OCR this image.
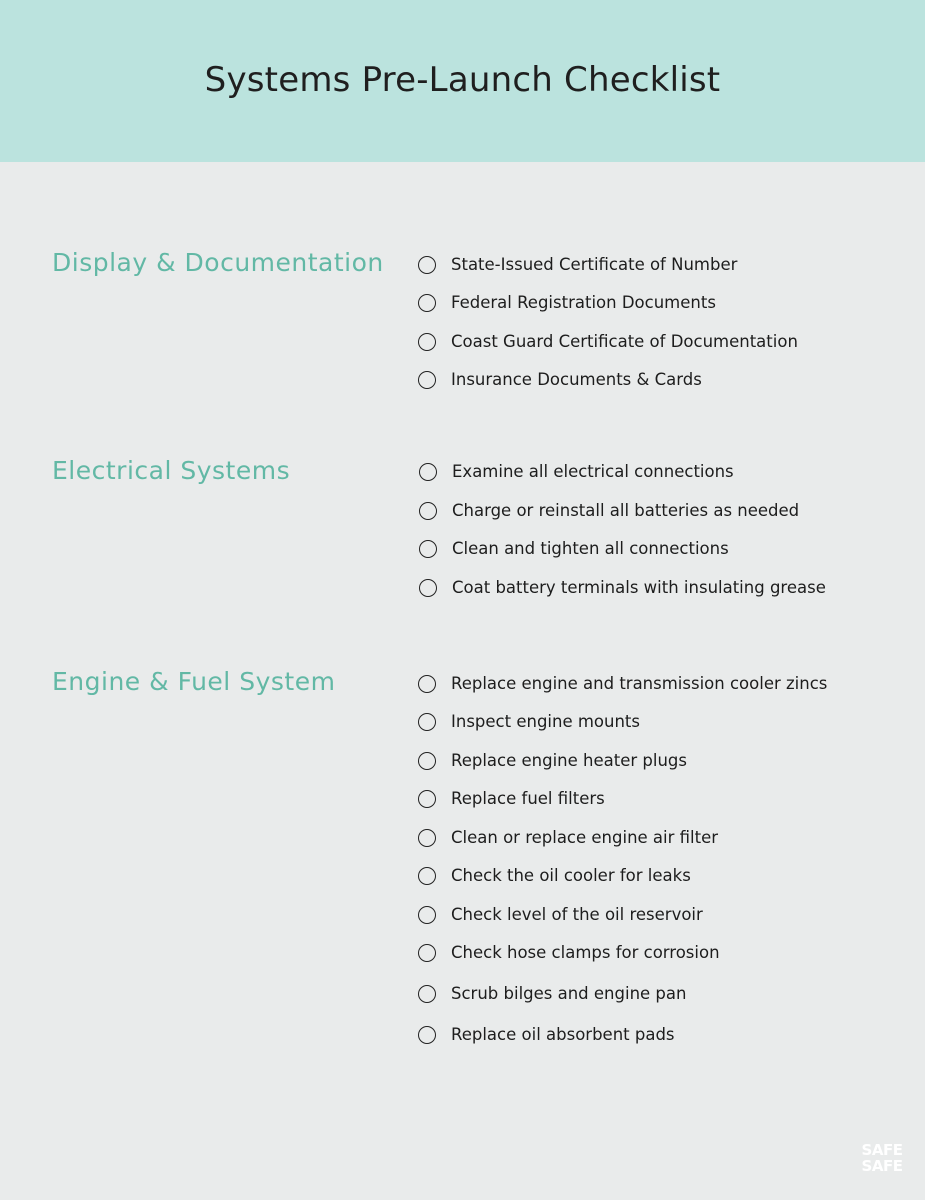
Systems Pre-Launch Checklist
Display & Documentation	State-Issued Certificate of Number
Federal Registration Documents
Coast Guard Certificate of Documentation
Insurance Documents & Cards
Electrical Systems	Examine all electrical connections
Charge or reinstall all batteries as needed
Clean and tighten all connections
Coat battery terminals with insulating grease
Engine & Fuel System	Replace engine and transmission cooler zincs
Inspect engine mounts
Replace engine heater plugs
Replace fuel filters
Clean or replace engine air filter
Check the oil cooler for leaks
Check level of the oil reservoir
Check hose clamps for corrosion
Scrub bilges and engine pan
Replace oil absorbent pads
SAFE
SAFE
